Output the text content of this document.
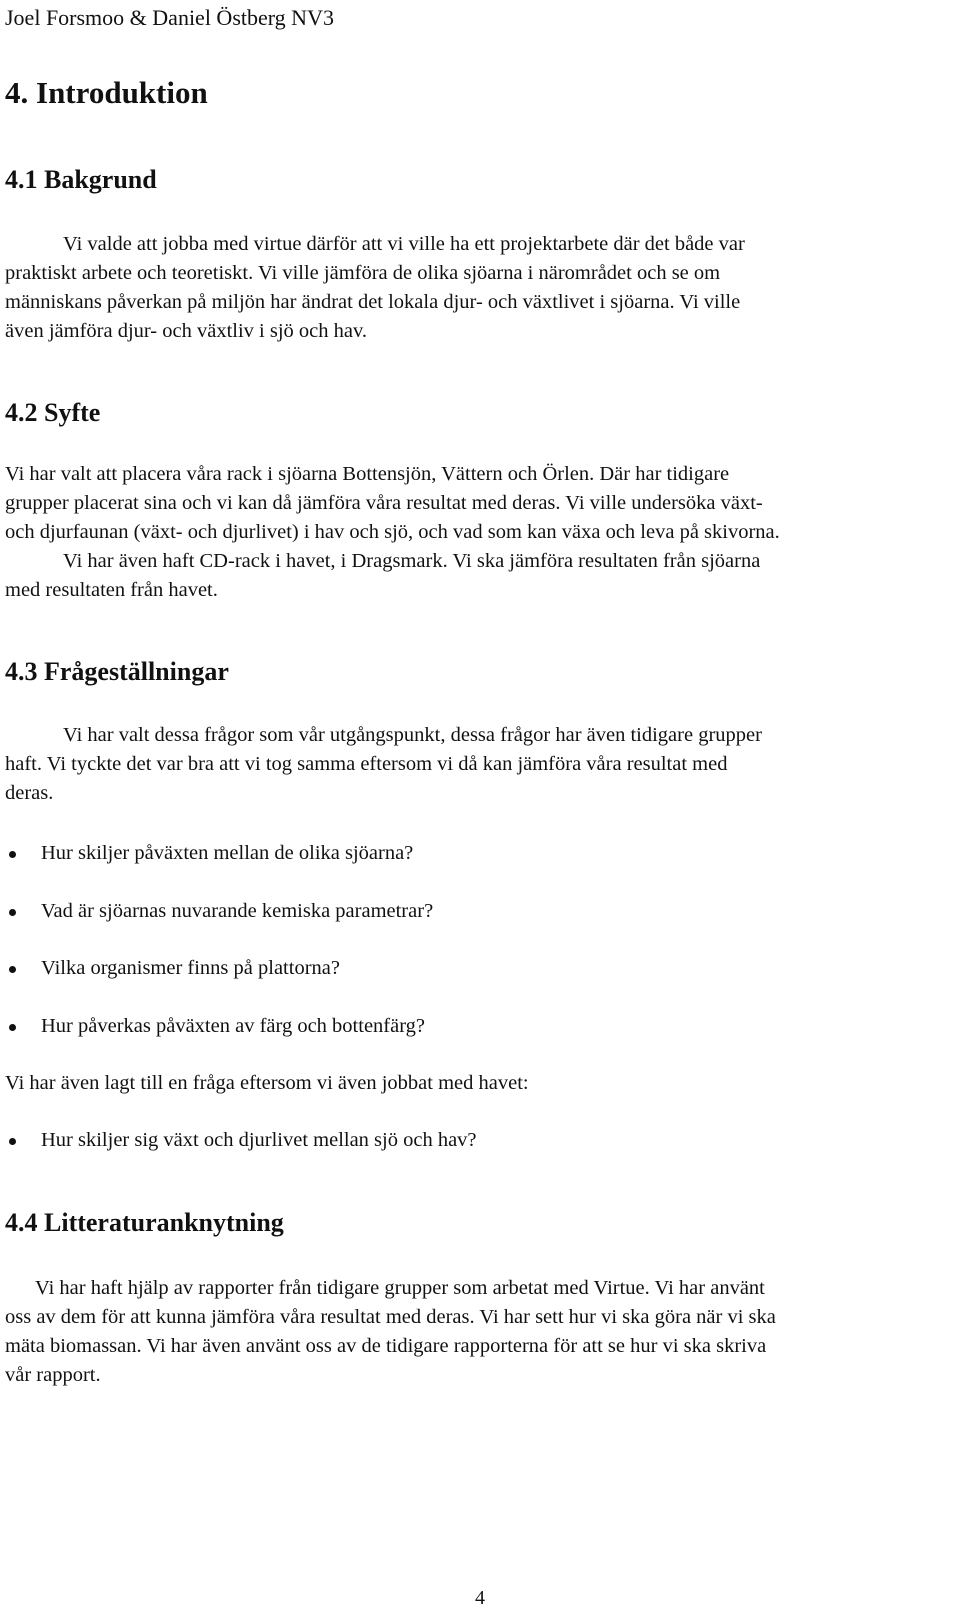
Joel Forsmoo & Daniel Östberg NV3
4. Introduktion
4.1 Bakgrund

Vi valde att jobba med virtue därför att vi ville ha ett projektarbete där det både var
praktiskt arbete och teoretiskt. Vi ville jämföra de olika sjöarna i närområdet och se om
människans påverkan på miljön har ändrat det lokala djur- och växtlivet i sjöarna. Vi ville
även jämföra djur- och växtliv i sjö och hav.

4.2 Syfte

Vi har valt att placera våra rack i sjöarna Bottensjön, Vättern och Örlen. Där har tidigare
grupper placerat sina och vi kan då jämföra våra resultat med deras. Vi ville undersöka växt-
och djurfaunan (växt- och djurlivet) i hav och sjö, och vad som kan växa och leva på skivorna.
Vi har även haft CD-rack i havet, i Dragsmark. Vi ska jämföra resultaten från sjöarna
med resultaten från havet.

4.3 Frågeställningar

Vi har valt dessa frågor som vår utgångspunkt, dessa frågor har även tidigare grupper
haft. Vi tyckte det var bra att vi tog samma eftersom vi då kan jämföra våra resultat med
deras.

Hur skiljer påväxten mellan de olika sjöarna?
Vad är sjöarnas nuvarande kemiska parametrar?
Vilka organismer finns på plattorna?
Hur påverkas påväxten av färg och bottenfärg?

Vi har även lagt till en fråga eftersom vi även jobbat med havet:

Hur skiljer sig växt och djurlivet mellan sjö och hav?
4.4 Litteraturanknytning

Vi har haft hjälp av rapporter från tidigare grupper som arbetat med Virtue. Vi har använt
oss av dem för att kunna jämföra våra resultat med deras. Vi har sett hur vi ska göra när vi ska
mäta biomassan. Vi har även använt oss av de tidigare rapporterna för att se hur vi ska skriva
vår rapport.

4
